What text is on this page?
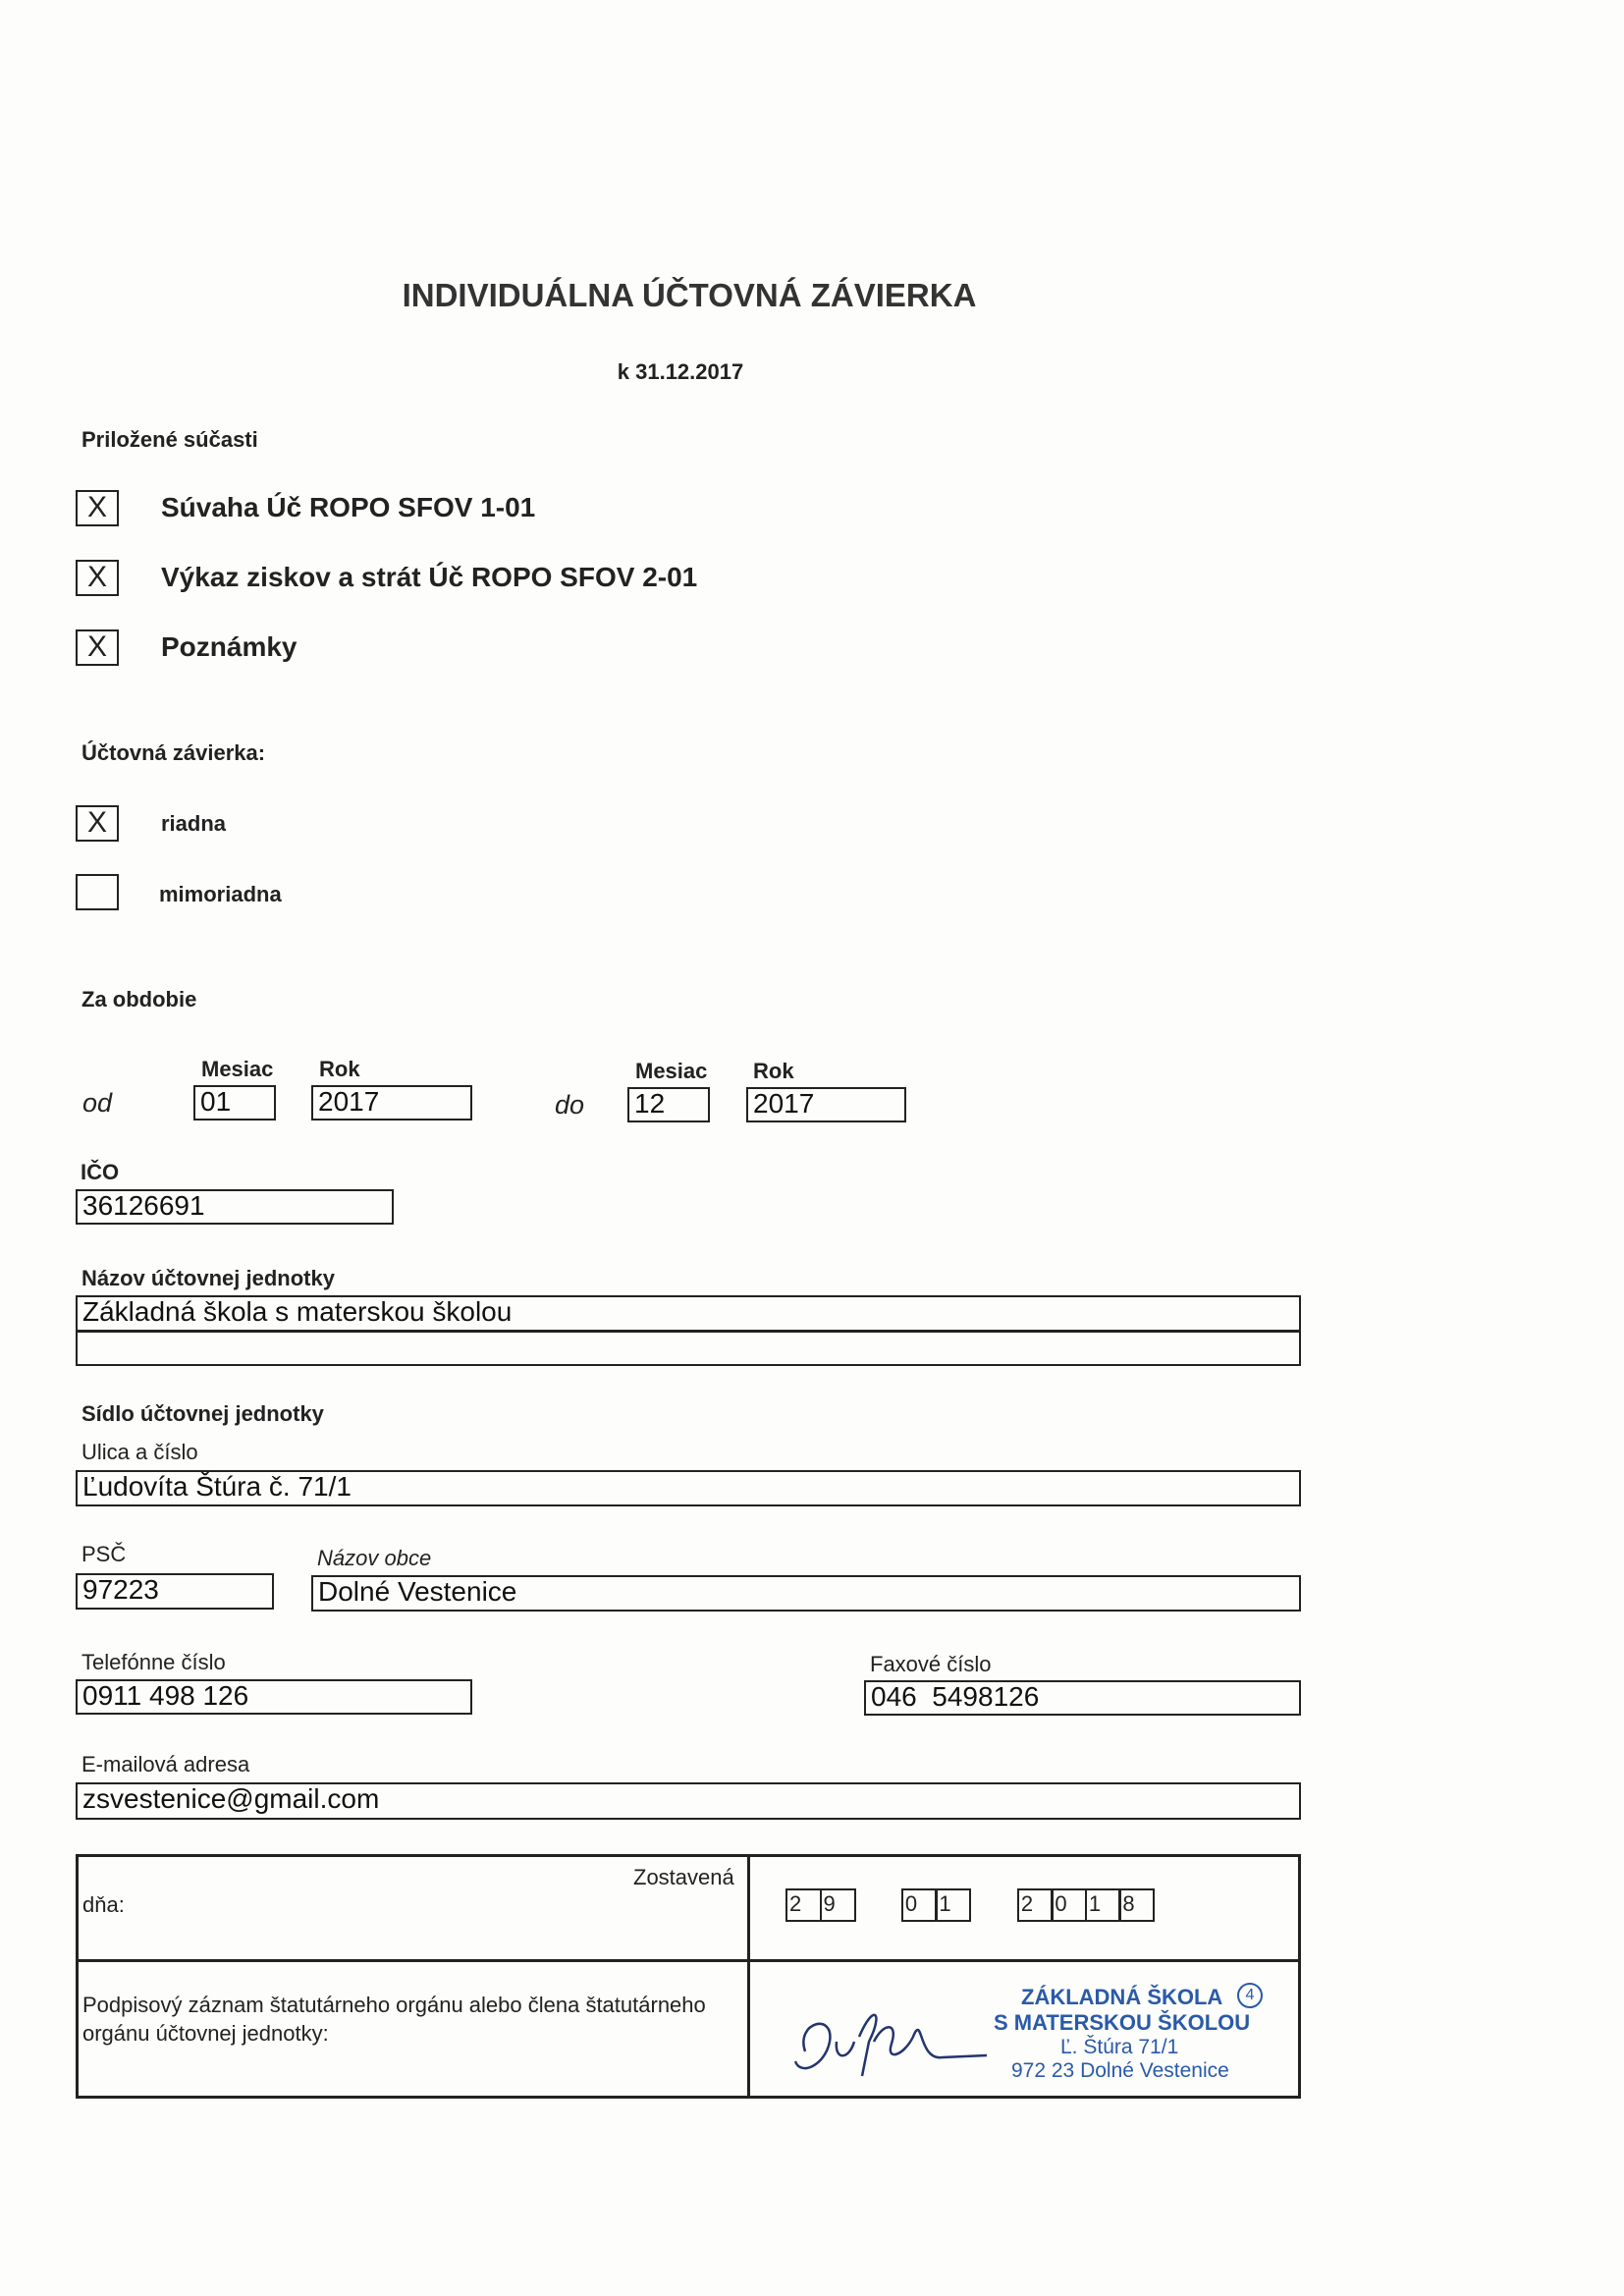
INDIVIDUÁLNA ÚČTOVNÁ ZÁVIERKA
k 31.12.2017
Priložené súčasti
X	Súvaha Úč ROPO SFOV 1-01
X	Výkaz ziskov a strát Úč ROPO SFOV 2-01
X	Poznámky
Účtovná závierka:
X	riadna
mimoriadna
Za obdobie
Mesiac Rok	Mesiac Rok
od	01	2017	do 12	2017
IČO
36126691
Názov účtovnej jednotky
Základná škola s materskou školou
Sídlo účtovnej jednotky
Ulica a číslo
Ľudovíta Štúra č. 71/1
PSČ	Názov obce
97223	Dolné Vestenice
Telefónne číslo
0911 498 126
Faxové číslo
046  5498126
E-mailová adresa
zsvestenice@gmail.com
Zostavená
dňa:	2 9	0 1	2 0 1 8
Podpisový záznam štatutárneho orgánu alebo člena štatutárneho orgánu účtovnej jednotky:
ZÁKLADNÁ ŠKOLA	4
S MATERSKOU ŠKOLOU
Ľ. Štúra 71/1
972 23 Dolné Vestenice
